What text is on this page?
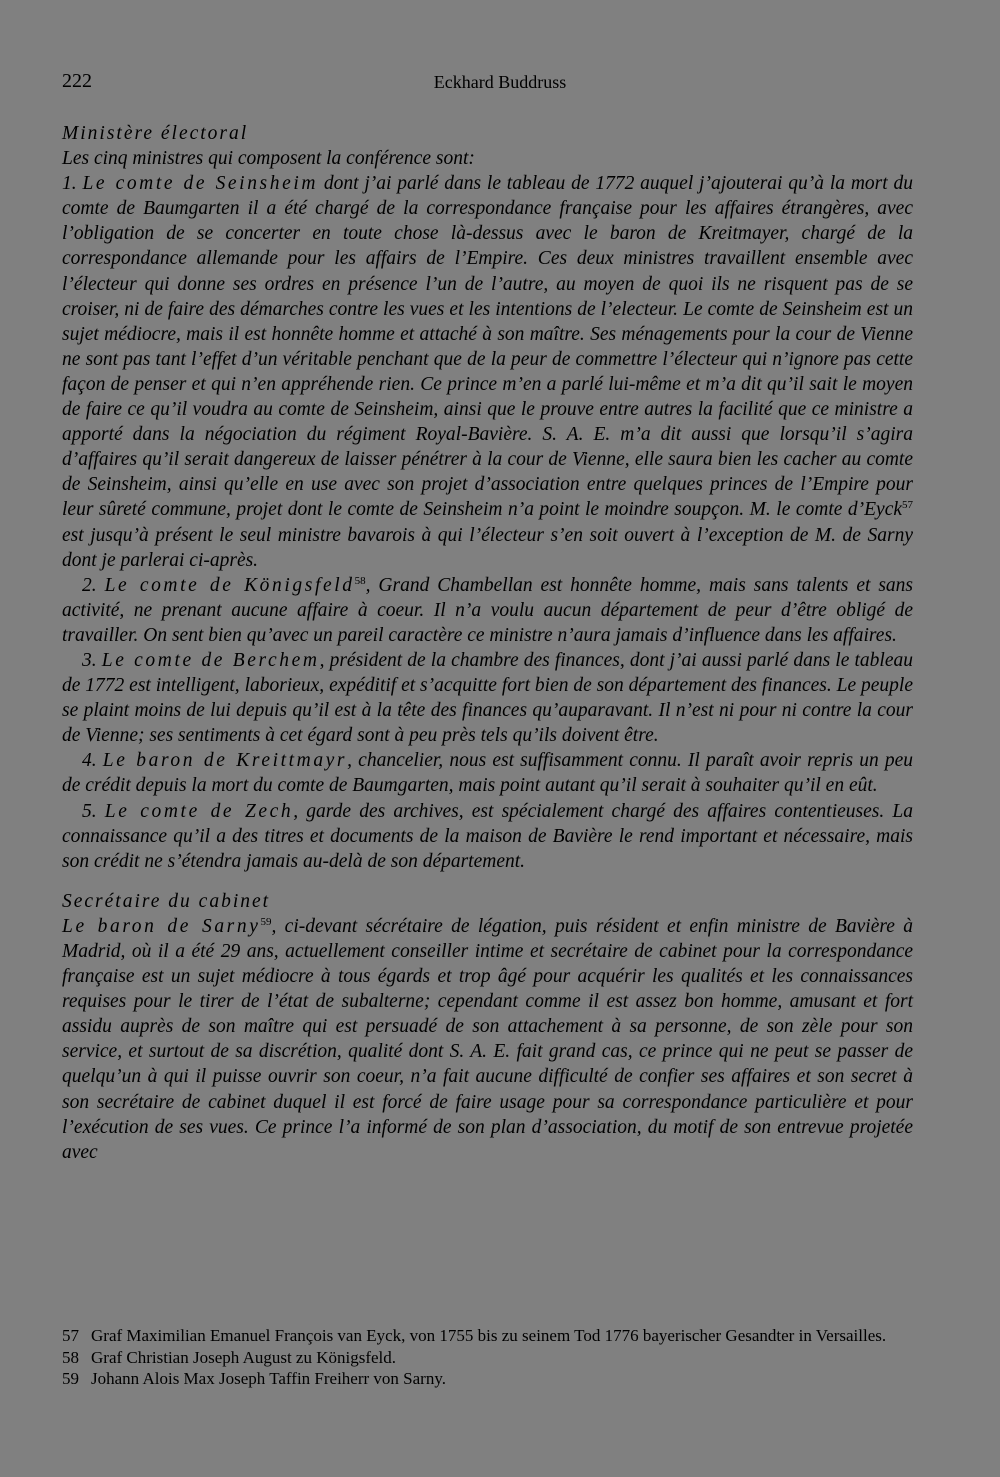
222	Eckhard Buddruss

Ministère électoral

Les cinq ministres qui composent la conférence sont:

1. Le comte de Seinsheim dont j’ai parlé dans le tableau de 1772 auquel j’ajouterai qu’à la mort du comte de Baumgarten il a été chargé de la correspondance française pour les affaires étrangères, avec l’obligation de se concerter en toute chose là-dessus avec le baron de Kreitmayer, chargé de la correspondance allemande pour les affairs de l’Empire. Ces deux ministres travaillent ensemble avec l’électeur qui donne ses ordres en présence l’un de l’autre, au moyen de quoi ils ne risquent pas de se croiser, ni de faire des démarches contre les vues et les intentions de l’electeur. Le comte de Seinsheim est un sujet médiocre, mais il est honnête homme et attaché à son maître. Ses ménagements pour la cour de Vienne ne sont pas tant l’effet d’un véritable penchant que de la peur de commettre l’électeur qui n’ignore pas cette façon de penser et qui n’en appréhende rien. Ce prince m’en a parlé lui-même et m’a dit qu’il sait le moyen de faire ce qu’il voudra au comte de Seinsheim, ainsi que le prouve entre autres la facilité que ce ministre a apporté dans la négociation du régiment Royal-Bavière. S. A. E. m’a dit aussi que lorsqu’il s’agira d’affaires qu’il serait dangereux de laisser pénétrer à la cour de Vienne, elle saura bien les cacher au comte de Seinsheim, ainsi qu’elle en use avec son projet d’association entre quelques princes de l’Empire pour leur sûreté commune, projet dont le comte de Seinsheim n’a point le moindre soupçon. M. le comte d’Eyck$^{57}$ est jusqu’à présent le seul ministre bavarois à qui l’électeur s’en soit ouvert à l’exception de M. de Sarny dont je parlerai ci-après.

2. Le comte de Königsfeld$^{58}$, Grand Chambellan est honnête homme, mais sans talents et sans activité, ne prenant aucune affaire à coeur. Il n’a voulu aucun département de peur d’être obligé de travailler. On sent bien qu’avec un pareil caractère ce ministre n’aura jamais d’influence dans les affaires.

3. Le comte de Berchem, président de la chambre des finances, dont j’ai aussi parlé dans le tableau de 1772 est intelligent, laborieux, expéditif et s’acquitte fort bien de son département des finances. Le peuple se plaint moins de lui depuis qu’il est à la tête des finances qu’auparavant. Il n’est ni pour ni contre la cour de Vienne; ses sentiments à cet égard sont à peu près tels qu’ils doivent être.

4. Le baron de Kreittmayr, chancelier, nous est suffisamment connu. Il paraît avoir repris un peu de crédit depuis la mort du comte de Baumgarten, mais point autant qu’il serait à souhaiter qu’il en eût.

5. Le comte de Zech, garde des archives, est spécialement chargé des affaires contentieuses. La connaissance qu’il a des titres et documents de la maison de Bavière le rend important et nécessaire, mais son crédit ne s’étendra jamais au-delà de son département.

Secrétaire du cabinet

Le baron de Sarny$^{59}$, ci-devant sécrétaire de légation, puis résident et enfin ministre de Bavière à Madrid, où il a été 29 ans, actuellement conseiller intime et secrétaire de cabinet pour la correspondance française est un sujet médiocre à tous égards et trop âgé pour acquérir les qualités et les connaissances requises pour le tirer de l’état de subalterne; cependant comme il est assez bon homme, amusant et fort assidu auprès de son maître qui est persuadé de son attachement à sa personne, de son zèle pour son service, et surtout de sa discrétion, qualité dont S. A. E. fait grand cas, ce prince qui ne peut se passer de quelqu’un à qui il puisse ouvrir son coeur, n’a fait aucune difficulté de confier ses affaires et son secret à son secrétaire de cabinet duquel il est forcé de faire usage pour sa correspondance particulière et pour l’exécution de ses vues. Ce prince l’a informé de son plan d’association, du motif de son entrevue projetée avec

57 Graf Maximilian Emanuel François van Eyck, von 1755 bis zu seinem Tod 1776 bayerischer Gesandter in Versailles.

58 Graf Christian Joseph August zu Königsfeld.

59 Johann Alois Max Joseph Taffin Freiherr von Sarny.
